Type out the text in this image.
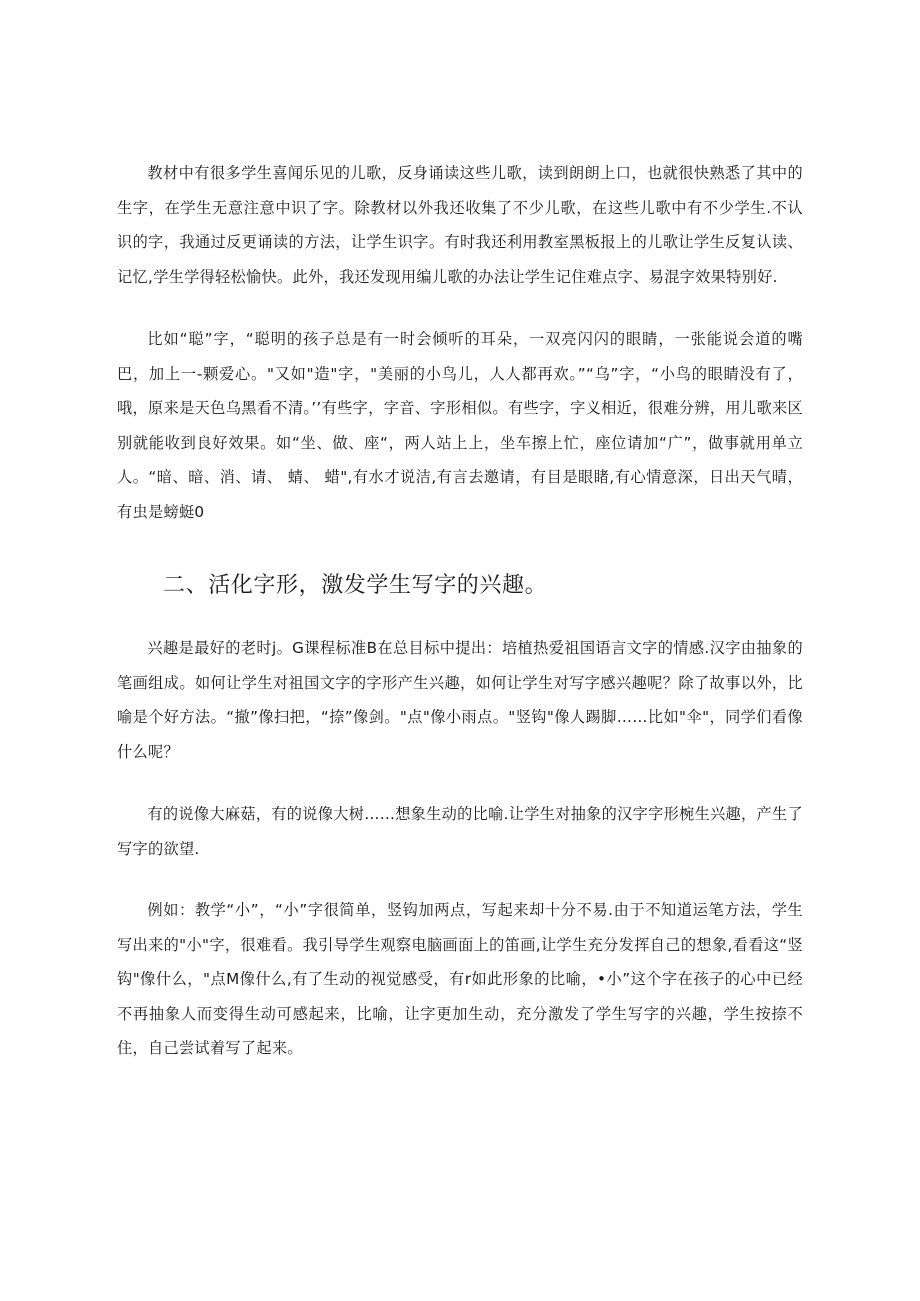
教材中有很多学生喜闻乐见的儿歌，反身诵读这些儿歌，读到朗朗上口，也就很快熟悉了其中的生字，在学生无意注意中识了字。除教材以外我还收集了不少儿歌，在这些儿歌中有不少学生.不认识的字，我通过反更诵读的方法，让学生识字。有时我还利用教室黑板报上的儿歌让学生反复认读、记忆,学生学得轻松愉快。此外，我还发现用编儿歌的办法让学生记住难点字、易混字效果特别好.

比如“聪”字，“聪明的孩子总是有一时会倾听的耳朵，一双亮闪闪的眼睛，一张能说会道的嘴巴，加上一-颗爱心。"又如"造"字，"美丽的小鸟儿，人人都再欢。”“乌”字，“小鸟的眼睛没有了，哦，原来是天色乌黑看不清。’’有些字，字音、字形相似。有些字，字义相近，很难分辨，用儿歌来区别就能收到良好效果。如“坐、做、座“，两人站上上，坐车擦上忙，座位请加“广”，做事就用单立人。“暗、暗、消、请、 蜻、 蜡",有水才说洁,有言去邀请，有目是眼睹,有心情意深，日出天气晴，有虫是螃蜓0

二、活化字形，激发学生写字的兴趣。

兴趣是最好的老时j。G课程标准B在总目标中提出：培植热爱祖国语言文字的情感.汉字由抽象的笔画组成。如何让学生对祖国文字的字形产生兴趣，如何让学生对写字感兴趣呢？除了故事以外，比喻是个好方法。“撤”像扫把，“捺”像剑。"点"像小雨点。"竖钩"像人踢脚……比如"伞"，同学们看像什么呢？

有的说像大麻菇，有的说像大树……想象生动的比喻.让学生对抽象的汉字字形椀生兴趣，产生了写字的欲望.

例如：教学“小”，“小”字很简单，竖钩加两点，写起来却十分不易.由于不知道运笔方法，学生写出来的"小"字，很难看。我引导学生观察电脑画面上的笛画,让学生充分发挥自己的想象,看看这“竖钩"像什么，"点M像什么,有了生动的视觉感受，有r如此形象的比喻，•小”这个字在孩子的心中已经不再抽象人而变得生动可感起来，比喻，让字更加生动，充分激发了学生写字的兴趣，学生按捺不住，自己尝试着写了起来。
